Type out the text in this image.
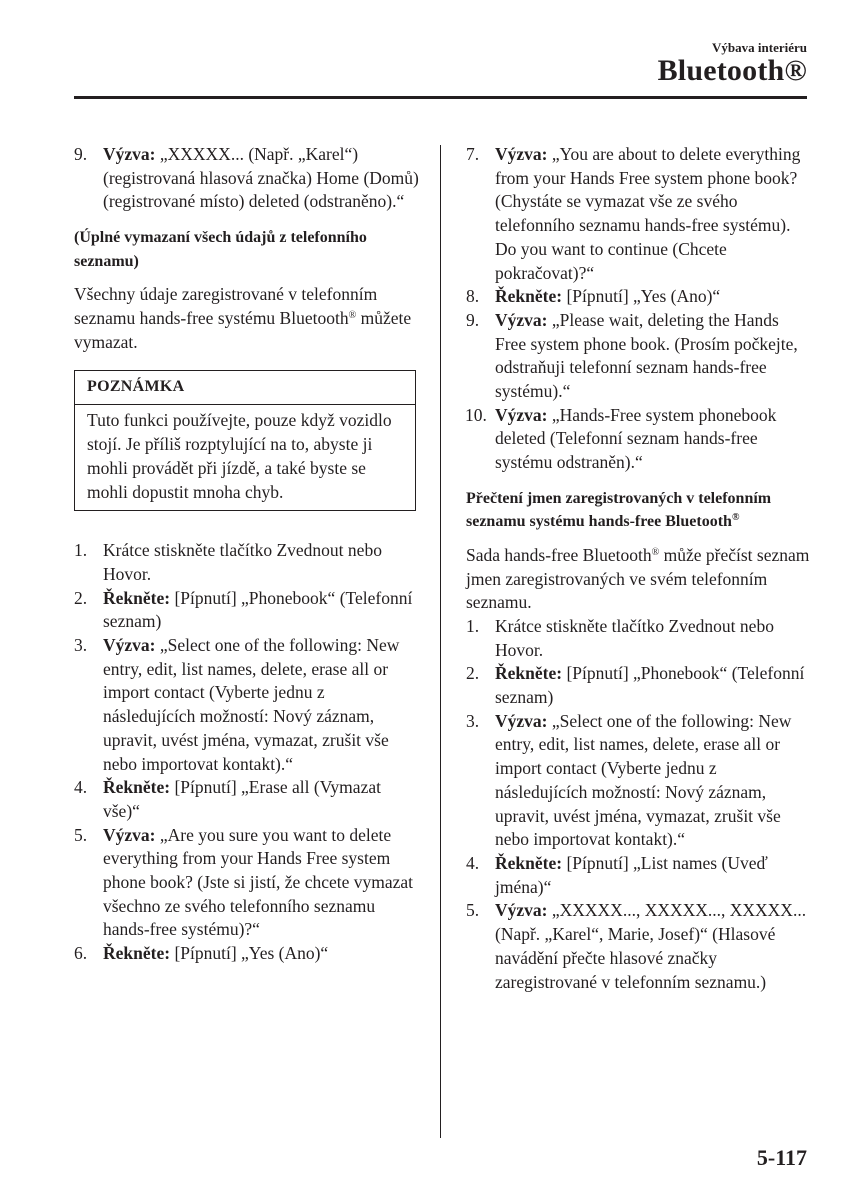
Výbava interiéru
Bluetooth®
9. Výzva: „XXXXX... (Např. „Karel“) (registrovaná hlasová značka) Home (Domů) (registrované místo) deleted (odstraněno).“
(Úplné vymazaní všech údajů z telefonního seznamu)
Všechny údaje zaregistrované v telefonním seznamu hands-free systému Bluetooth® můžete vymazat.
POZNÁMKA
Tuto funkci používejte, pouze když vozidlo stojí. Je příliš rozptylující na to, abyste ji mohli provádět při jízdě, a také byste se mohli dopustit mnoha chyb.
1. Krátce stiskněte tlačítko Zvednout nebo Hovor.
2. Řekněte: [Pípnutí] „Phonebook“ (Telefonní seznam)
3. Výzva: „Select one of the following: New entry, edit, list names, delete, erase all or import contact (Vyberte jednu z následujících možností: Nový záznam, upravit, uvést jména, vymazat, zrušit vše nebo importovat kontakt).“
4. Řekněte: [Pípnutí] „Erase all (Vymazat vše)“
5. Výzva: „Are you sure you want to delete everything from your Hands Free system phone book? (Jste si jistí, že chcete vymazat všechno ze svého telefonního seznamu hands-free systému)?“
6. Řekněte: [Pípnutí] „Yes (Ano)“
7. Výzva: „You are about to delete everything from your Hands Free system phone book? (Chystáte se vymazat vše ze svého telefonního seznamu hands-free systému). Do you want to continue (Chcete pokračovat)?“
8. Řekněte: [Pípnutí] „Yes (Ano)“
9. Výzva: „Please wait, deleting the Hands Free system phone book. (Prosím počkejte, odstraňuji telefonní seznam hands-free systému).“
10. Výzva: „Hands-Free system phonebook deleted (Telefonní seznam hands-free systému odstraněn).“
Přečtení jmen zaregistrovaných v telefonním seznamu systému hands-free Bluetooth®
Sada hands-free Bluetooth® může přečíst seznam jmen zaregistrovaných ve svém telefonním seznamu.
1. Krátce stiskněte tlačítko Zvednout nebo Hovor.
2. Řekněte: [Pípnutí] „Phonebook“ (Telefonní seznam)
3. Výzva: „Select one of the following: New entry, edit, list names, delete, erase all or import contact (Vyberte jednu z následujících možností: Nový záznam, upravit, uvést jména, vymazat, zrušit vše nebo importovat kontakt).“
4. Řekněte: [Pípnutí] „List names (Uveď jména)“
5. Výzva: „XXXXX..., XXXXX..., XXXXX... (Např. „Karel“, Marie, Josef)“ (Hlasové navádění přečte hlasové značky zaregistrované v telefonním seznamu.)
5-117
